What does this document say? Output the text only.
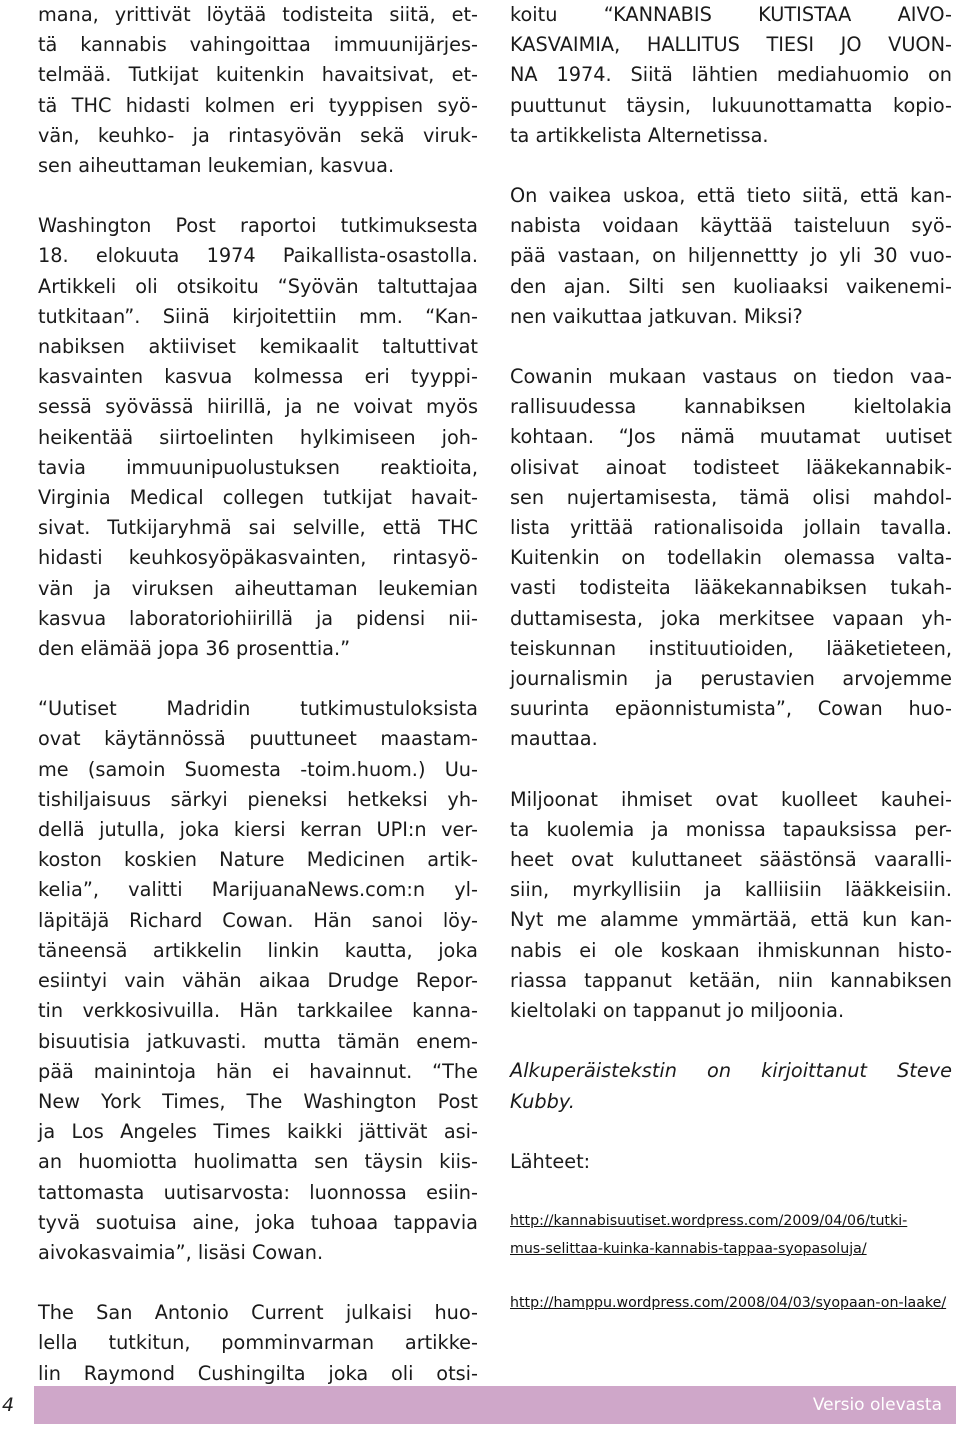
mana, yrittivät löytää todisteita siitä, et-
tä kannabis vahingoittaa immuunijärjes-
telmää. Tutkijat kuitenkin havaitsivat, et-
tä THC hidasti kolmen eri tyyppisen syö-
vän, keuhko- ja rintasyövän sekä viruk-
sen aiheuttaman leukemian, kasvua.

Washington Post raportoi tutkimuksesta
18. elokuuta 1974 Paikallista-osastolla.
Artikkeli oli otsikoitu “Syövän taltuttajaa
tutkitaan”. Siinä kirjoitettiin mm. “Kan-
nabiksen aktiiviset kemikaalit taltuttivat
kasvainten kasvua kolmessa eri tyyppi-
sessä syövässä hiirillä, ja ne voivat myös
heikentää siirtoelinten hylkimiseen joh-
tavia immuunipuolustuksen reaktioita,
Virginia Medical collegen tutkijat havait-
sivat. Tutkijaryhmä sai selville, että THC
hidasti keuhkosyöpäkasvainten, rintasyö-
vän ja viruksen aiheuttaman leukemian
kasvua laboratoriohiirillä ja pidensi nii-
den elämää jopa 36 prosenttia.”

“Uutiset Madridin tutkimustuloksista
ovat käytännössä puuttuneet maastam-
me (samoin Suomesta -toim.huom.) Uu-
tishiljaisuus särkyi pieneksi hetkeksi yh-
dellä jutulla, joka kiersi kerran UPI:n ver-
koston koskien Nature Medicinen artik-
kelia”, valitti MarijuanaNews.com:n yl-
läpitäjä Richard Cowan. Hän sanoi löy-
täneensä artikkelin linkin kautta, joka
esiintyi vain vähän aikaa Drudge Repor-
tin verkkosivuilla. Hän tarkkailee kanna-
bisuutisia jatkuvasti. mutta tämän enem-
pää mainintoja hän ei havainnut. “The
New York Times, The Washington Post
ja Los Angeles Times kaikki jättivät asi-
an huomiotta huolimatta sen täysin kiis-
tattomasta uutisarvosta: luonnossa esiin-
tyvä suotuisa aine, joka tuhoaa tappavia
aivokasvaimia”, lisäsi Cowan.

The San Antonio Current julkaisi huo-
lella tutkitun, pomminvarman artikke-
lin Raymond Cushingilta joka oli otsi-

koitu “KANNABIS KUTISTAA AIVO-
KASVAIMIA, HALLITUS TIESI JO VUON-
NA 1974. Siitä lähtien mediahuomio on
puuttunut täysin, lukuunottamatta kopio-
ta artikkelista Alternetissa.

On vaikea uskoa, että tieto siitä, että kan-
nabista voidaan käyttää taisteluun syö-
pää vastaan, on hiljennettty jo yli 30 vuo-
den ajan. Silti sen kuoliaaksi vaikenemi-
nen vaikuttaa jatkuvan. Miksi?

Cowanin mukaan vastaus on tiedon vaa-
rallisuudessa kannabiksen kieltolakia
kohtaan. “Jos nämä muutamat uutiset
olisivat ainoat todisteet lääkekannabik-
sen nujertamisesta, tämä olisi mahdol-
lista yrittää rationalisoida jollain tavalla.
Kuitenkin on todellakin olemassa valta-
vasti todisteita lääkekannabiksen tukah-
duttamisesta, joka merkitsee vapaan yh-
teiskunnan instituutioiden, lääketieteen,
journalismin ja perustavien arvojemme
suurinta epäonnistumista”, Cowan huo-
mauttaa.

Miljoonat ihmiset ovat kuolleet kauhei-
ta kuolemia ja monissa tapauksissa per-
heet ovat kuluttaneet säästönsä vaaralli-
siin, myrkyllisiin ja kalliisiin lääkkeisiin.
Nyt me alamme ymmärtää, että kun kan-
nabis ei ole koskaan ihmiskunnan histo-
riassa tappanut ketään, niin kannabiksen
kieltolaki on tappanut jo miljoonia.

Alkuperäistekstin on kirjoittanut Steve
Kubby.

Lähteet:

http://kannabisuutiset.wordpress.com/2009/04/06/tutki-
mus-selittaa-kuinka-kannabis-tappaa-syopasoluja/
http://hamppu.wordpress.com/2008/04/03/syopaan-on-laake/
4	Versio olevasta
